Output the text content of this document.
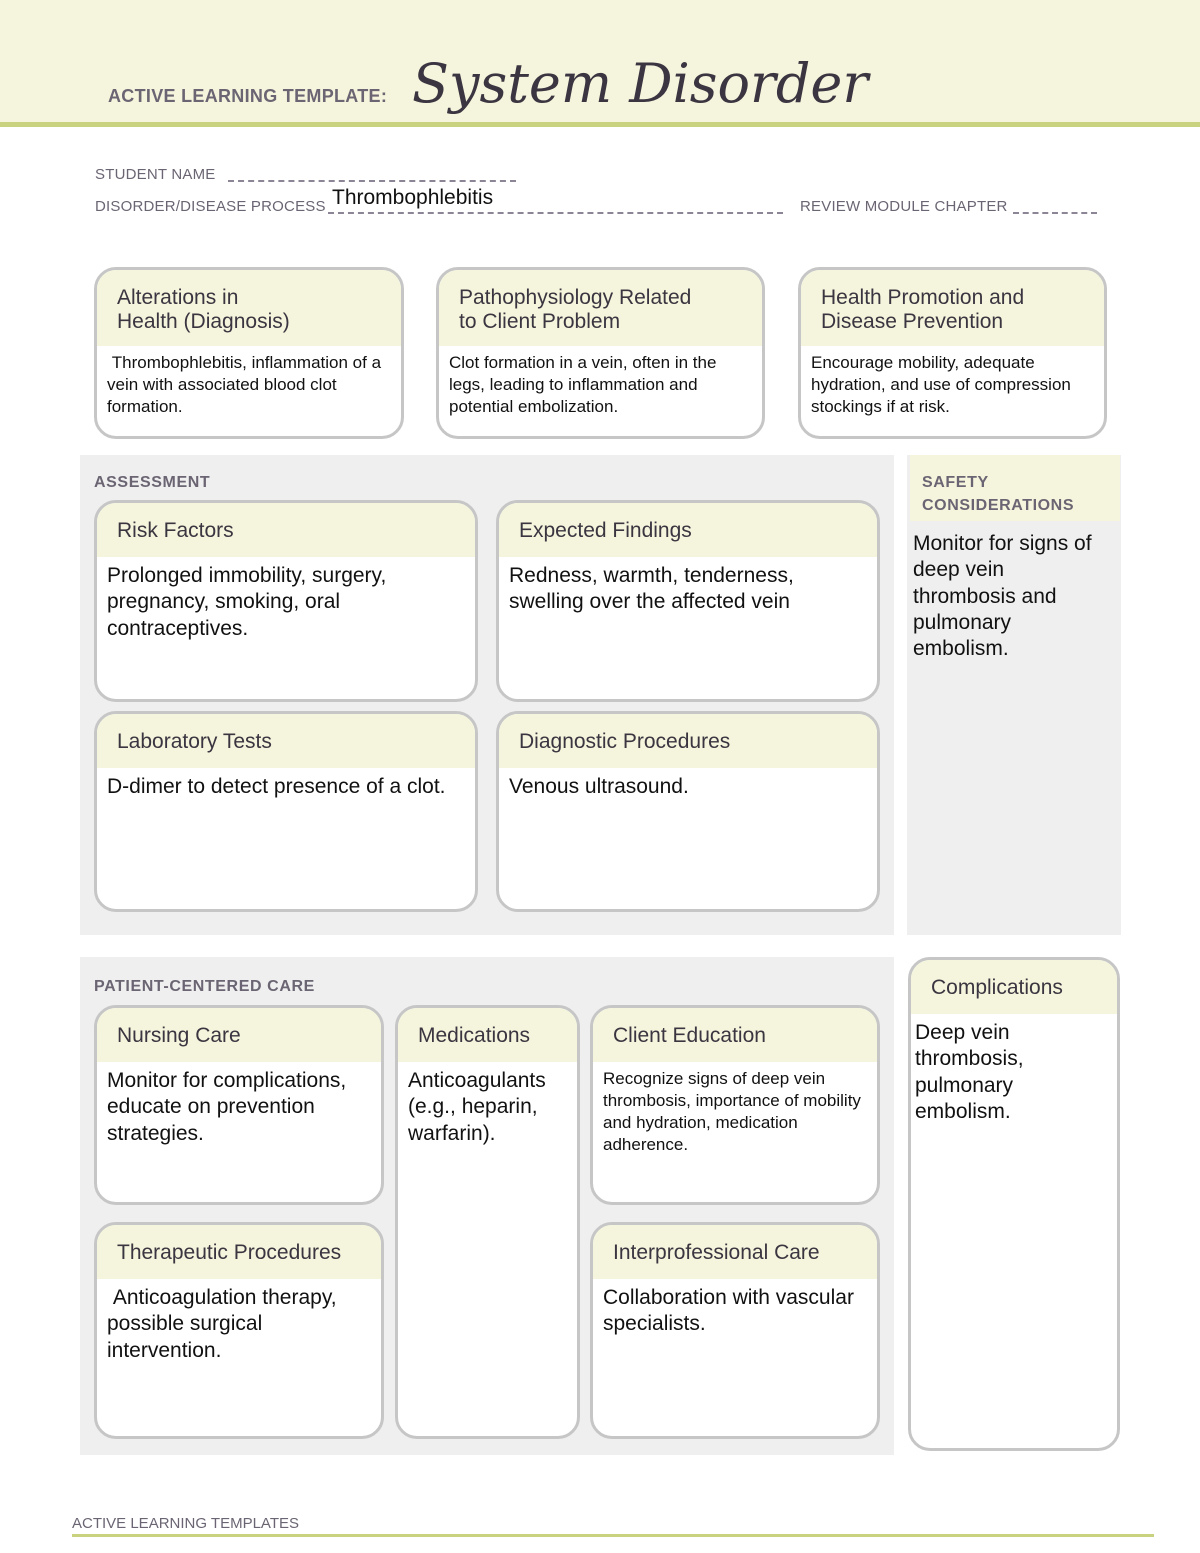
ACTIVE LEARNING TEMPLATE: System Disorder
STUDENT NAME
DISORDER/DISEASE PROCESS Thrombophlebitis	REVIEW MODULE CHAPTER
Alterations in
Health (Diagnosis)
Thrombophlebitis, inflammation of a vein with associated blood clot formation.
Pathophysiology Related
to Client Problem
Clot formation in a vein, often in the legs, leading to inflammation and potential embolization.
Health Promotion and
Disease Prevention
Encourage mobility, adequate hydration, and use of compression stockings if at risk.
ASSESSMENT
Risk Factors
Prolonged immobility, surgery, pregnancy, smoking, oral contraceptives.
Expected Findings
Redness, warmth, tenderness, swelling over the affected vein
Laboratory Tests
D-dimer to detect presence of a clot.
Diagnostic Procedures
Venous ultrasound.
SAFETY
CONSIDERATIONS
Monitor for signs of deep vein thrombosis and pulmonary embolism.
PATIENT-CENTERED CARE
Nursing Care
Monitor for complications, educate on prevention strategies.
Medications
Anticoagulants (e.g., heparin, warfarin).
Client Education
Recognize signs of deep vein thrombosis, importance of mobility and hydration, medication adherence.
Therapeutic Procedures
Anticoagulation therapy, possible surgical intervention.
Interprofessional Care
Collaboration with vascular specialists.
Complications
Deep vein thrombosis, pulmonary embolism.
ACTIVE LEARNING TEMPLATES
